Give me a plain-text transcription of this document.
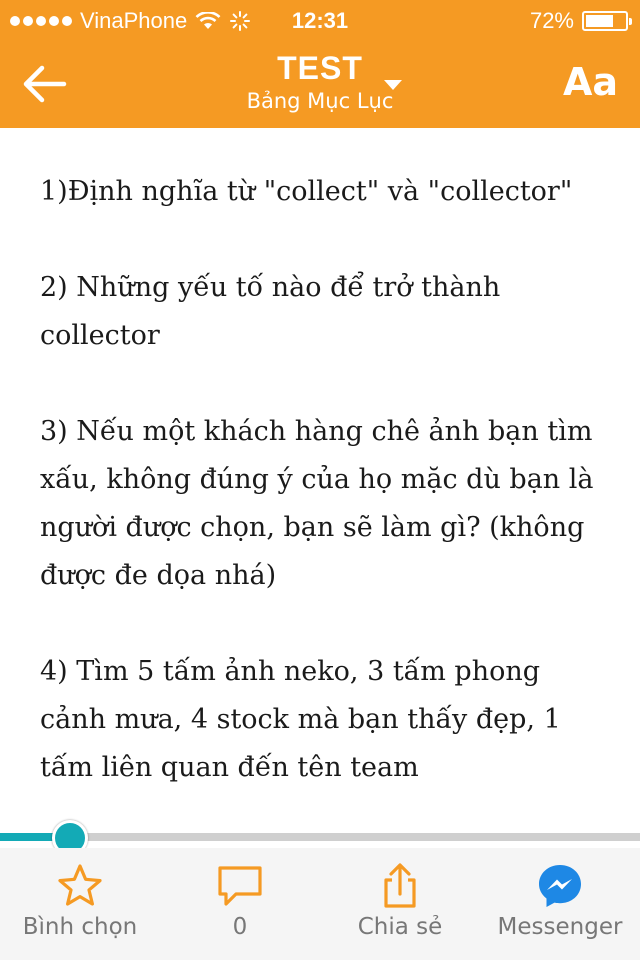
VinaPhone	12:31	72%
TEST
Bảng Mục Lục	Aa

1)Định nghĩa từ "collect" và "collector"

2) Những yếu tố nào để trở thành collector

3) Nếu một khách hàng chê ảnh bạn tìm xấu, không đúng ý của họ mặc dù bạn là người được chọn, bạn sẽ làm gì? (không được đe dọa nhá)

4) Tìm 5 tấm ảnh neko, 3 tấm phong cảnh mưa, 4 stock mà bạn thấy đẹp, 1 tấm liên quan đến tên team

Bình chọn	0	Chia sẻ	Messenger
